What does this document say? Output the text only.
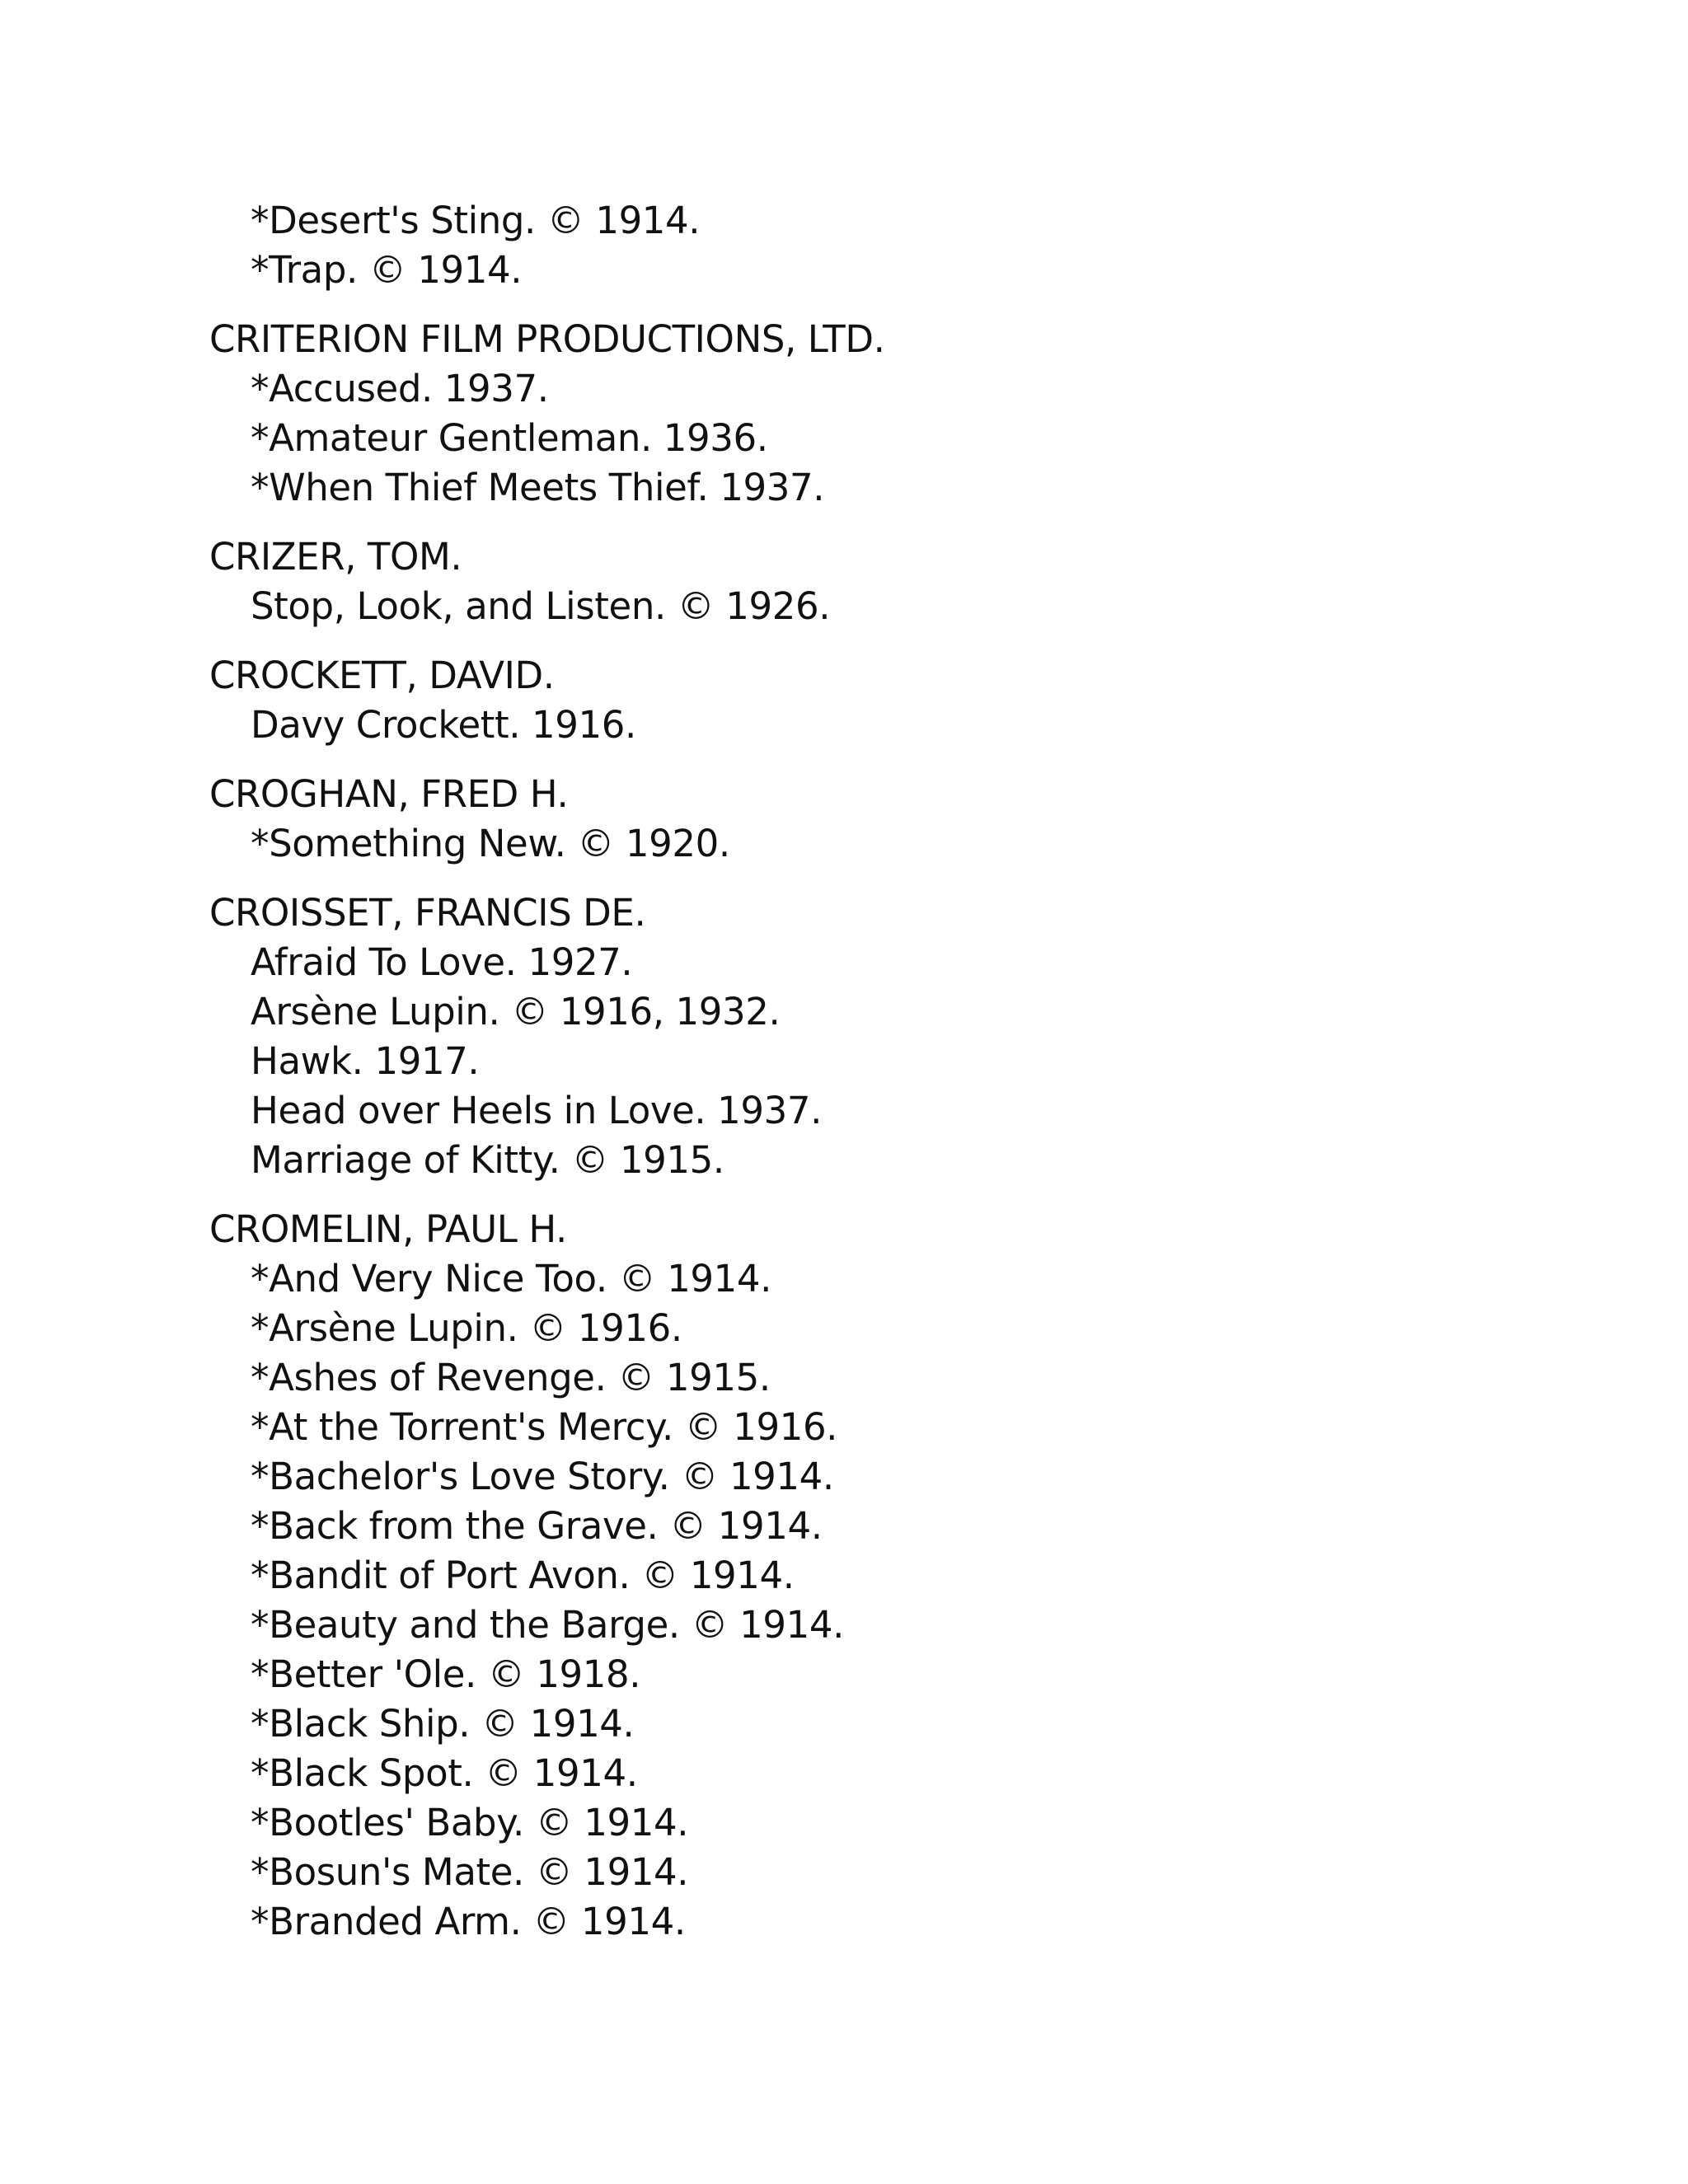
*Desert's Sting. © 1914.

*Trap. © 1914.

CRITERION FILM PRODUCTIONS, LTD.

*Accused. 1937.

*Amateur Gentleman. 1936.

*When Thief Meets Thief. 1937.

CRIZER, TOM.

Stop, Look, and Listen. © 1926.

CROCKETT, DAVID.

Davy Crockett. 1916.

CROGHAN, FRED H.

*Something New. © 1920.

CROISSET, FRANCIS DE.

Afraid To Love. 1927.

Arsène Lupin. © 1916, 1932.

Hawk. 1917.

Head over Heels in Love. 1937.

Marriage of Kitty. © 1915.

CROMELIN, PAUL H.

*And Very Nice Too. © 1914.

*Arsène Lupin. © 1916.

*Ashes of Revenge. © 1915.

*At the Torrent's Mercy. © 1916.

*Bachelor's Love Story. © 1914.

*Back from the Grave. © 1914.

*Bandit of Port Avon. © 1914.

*Beauty and the Barge. © 1914.

*Better 'Ole. © 1918.

*Black Ship. © 1914.

*Black Spot. © 1914.

*Bootles' Baby. © 1914.

*Bosun's Mate. © 1914.

*Branded Arm. © 1914.
